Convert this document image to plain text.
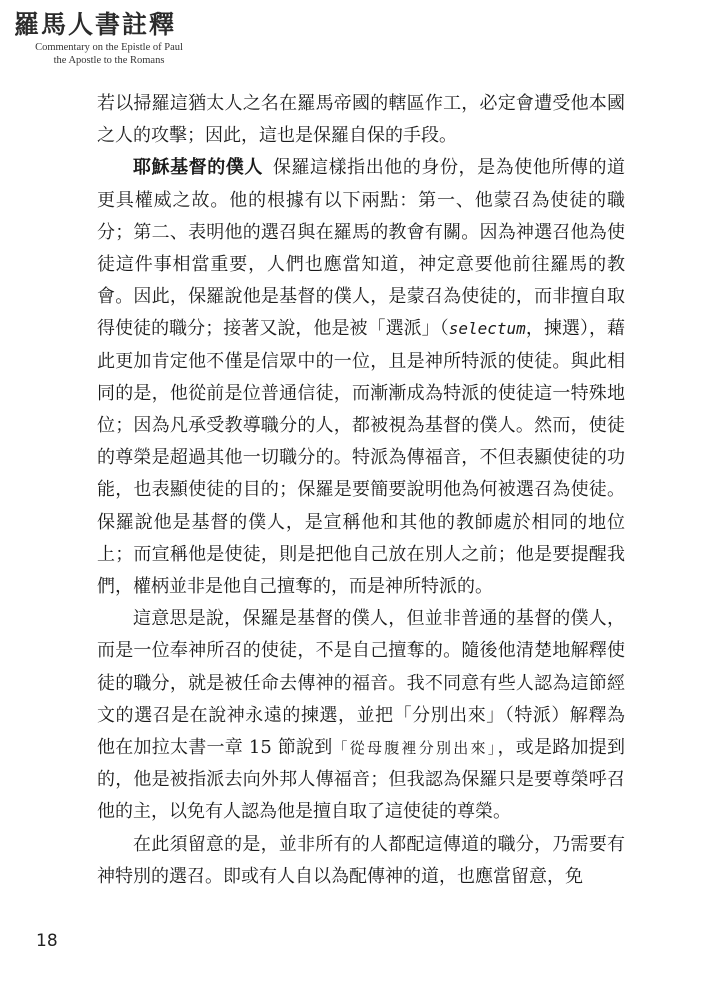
羅馬人書註釋
Commentary on the Epistle of Paul
the Apostle to the Romans

若以掃羅這猶太人之名在羅馬帝國的轄區作工，必定會遭受他本國之人的攻擊；因此，這也是保羅自保的手段。

耶穌基督的僕人 保羅這樣指出他的身份，是為使他所傳的道更具權威之故。他的根據有以下兩點：第一、他蒙召為使徒的職分；第二、表明他的選召與在羅馬的教會有關。因為神選召他為使徒這件事相當重要，人們也應當知道，神定意要他前往羅馬的教會。因此，保羅說他是基督的僕人，是蒙召為使徒的，而非擅自取得使徒的職分；接著又說，他是被「選派」（selectum，揀選），藉此更加肯定他不僅是信眾中的一位，且是神所特派的使徒。與此相同的是，他從前是位普通信徒，而漸漸成為特派的使徒這一特殊地位；因為凡承受教導職分的人，都被視為基督的僕人。然而，使徒的尊榮是超過其他一切職分的。特派為傳福音，不但表顯使徒的功能，也表顯使徒的目的；保羅是要簡要說明他為何被選召為使徒。保羅說他是基督的僕人，是宣稱他和其他的教師處於相同的地位上；而宣稱他是使徒，則是把他自己放在別人之前；他是要提醒我們，權柄並非是他自己擅奪的，而是神所特派的。

這意思是說，保羅是基督的僕人，但並非普通的基督的僕人，而是一位奉神所召的使徒，不是自己擅奪的。隨後他清楚地解釋使徒的職分，就是被任命去傳神的福音。我不同意有些人認為這節經文的選召是在說神永遠的揀選，並把「分別出來」（特派）解釋為他在加拉太書一章 15 節說到「從母腹裡分別出來」，或是路加提到的，他是被指派去向外邦人傳福音；但我認為保羅只是要尊榮呼召他的主，以免有人認為他是擅自取了這使徒的尊榮。

在此須留意的是，並非所有的人都配這傳道的職分，乃需要有神特別的選召。即或有人自以為配傳神的道，也應當留意，免

18
